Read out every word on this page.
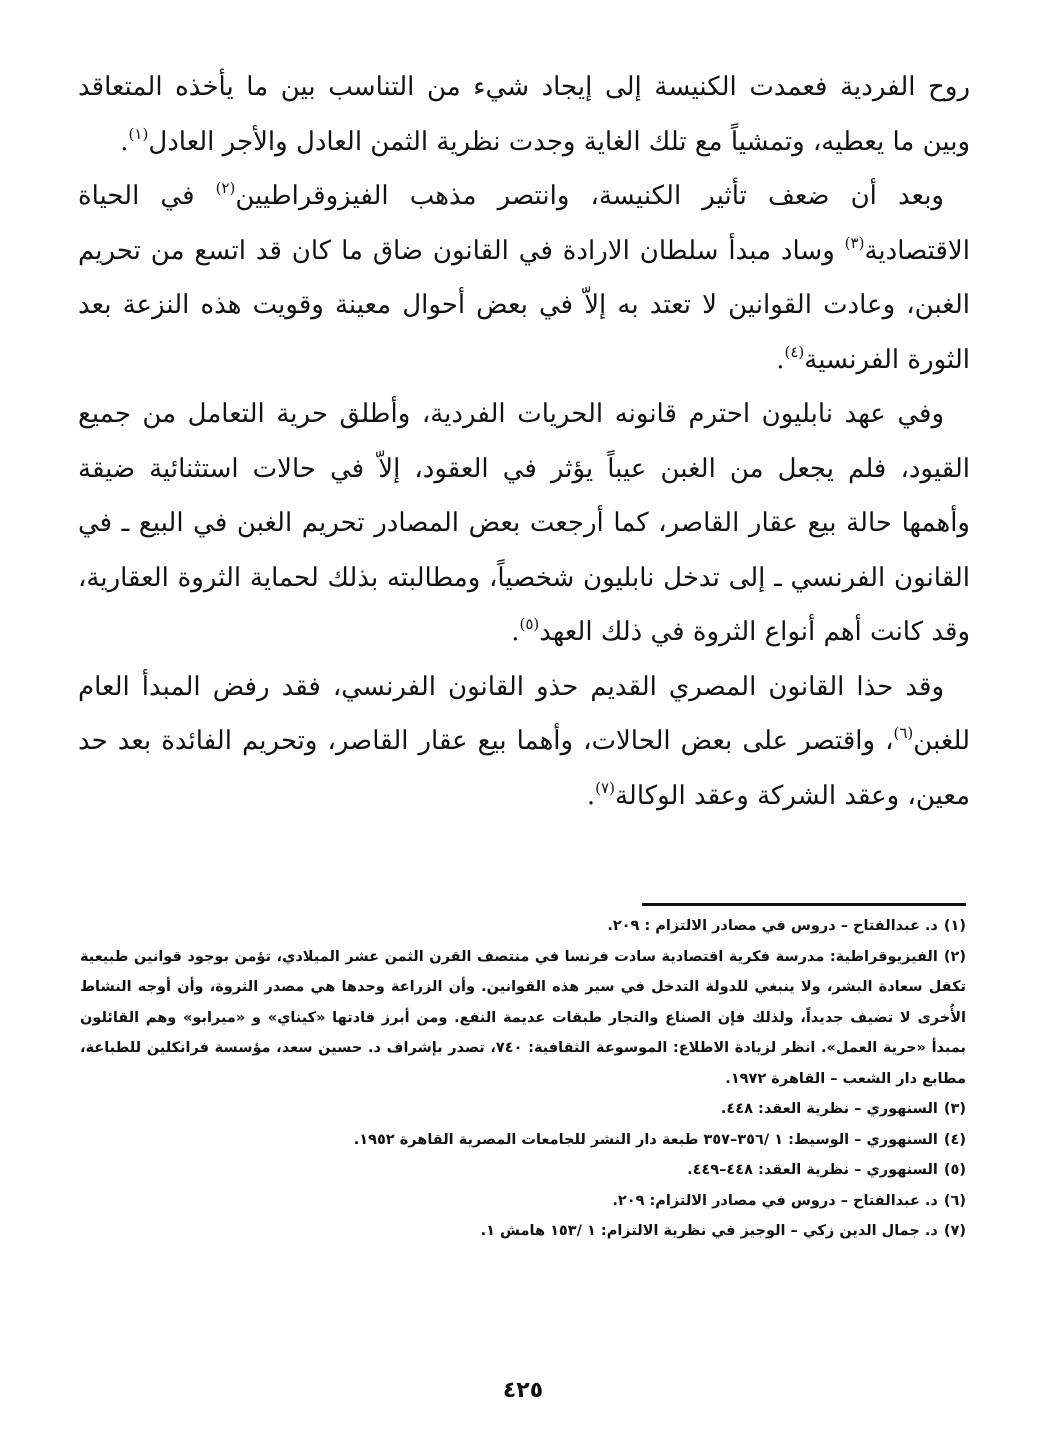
روح الفردية فعمدت الكنيسة إلى إيجاد شيء من التناسب بين ما يأخذه المتعاقد وبين ما يعطيه، وتمشياً مع تلك الغاية وجدت نظرية الثمن العادل والأجر العادل$^{(١)}$.

وبعد أن ضعف تأثير الكنيسة، وانتصر مذهب الفيزوقراطيين$^{(٢)}$ في الحياة الاقتصادية$^{(٣)}$ وساد مبدأ سلطان الارادة في القانون ضاق ما كان قد اتسع من تحريم الغبن، وعادت القوانين لا تعتد به إلاّ في بعض أحوال معينة وقويت هذه النزعة بعد الثورة الفرنسية$^{(٤)}$.

وفي عهد نابليون احترم قانونه الحريات الفردية، وأطلق حرية التعامل من جميع القيود، فلم يجعل من الغبن عيباً يؤثر في العقود، إلاّ في حالات استثنائية ضيقة وأهمها حالة بيع عقار القاصر، كما أرجعت بعض المصادر تحريم الغبن في البيع ـ في القانون الفرنسي ـ إلى تدخل نابليون شخصياً، ومطالبته بذلك لحماية الثروة العقارية، وقد كانت أهم أنواع الثروة في ذلك العهد$^{(٥)}$.

وقد حذا القانون المصري القديم حذو القانون الفرنسي، فقد رفض المبدأ العام للغبن$^{(٦)}$، واقتصر على بعض الحالات، وأهما بيع عقار القاصر، وتحريم الفائدة بعد حد معين، وعقد الشركة وعقد الوكالة$^{(٧)}$.

(١)د. عبدالفتاح – دروس في مصادر الالتزام : ٢٠٩.

(٢)الفيزيوقراطية: مدرسة فكرية اقتصادية سادت فرنسا في منتصف القرن الثمن عشر الميلادي، تؤمن بوجود قوانين طبيعية تكفل سعادة البشر، ولا ينبغي للدولة التدخل في سير هذه القوانين. وأن الزراعة وحدها هي مصدر الثروة، وأن أوجه النشاط الأُخرى لا تضيف جديداً، ولذلك فإن الصناع والتجار طبقات عديمة النفع. ومن أبرز قادتها «كيناي» و «ميرابو» وهم القائلون بمبدأ «حرية العمل». انظر لزيادة الاطلاع: الموسوعة الثقافية: ٧٤٠، تصدر بإشراف د. حسين سعد، مؤسسة فرانكلين للطباعة، مطابع دار الشعب – القاهرة ١٩٧٢.

(٣)السنهوري – نظرية العقد: ٤٤٨.

(٤)السنهوري – الوسيط: ١ /٣٥٦–٣٥٧ طبعة دار النشر للجامعات المصرية القاهرة ١٩٥٢.

(٥)السنهوري – نظرية العقد: ٤٤٨–٤٤٩.

(٦)د. عبدالفتاح – دروس في مصادر الالتزام: ٢٠٩.

(٧)د. جمال الدين زكي – الوجيز في نظرية الالتزام: ١ /١٥٣ هامش ١.

٤٢٥
